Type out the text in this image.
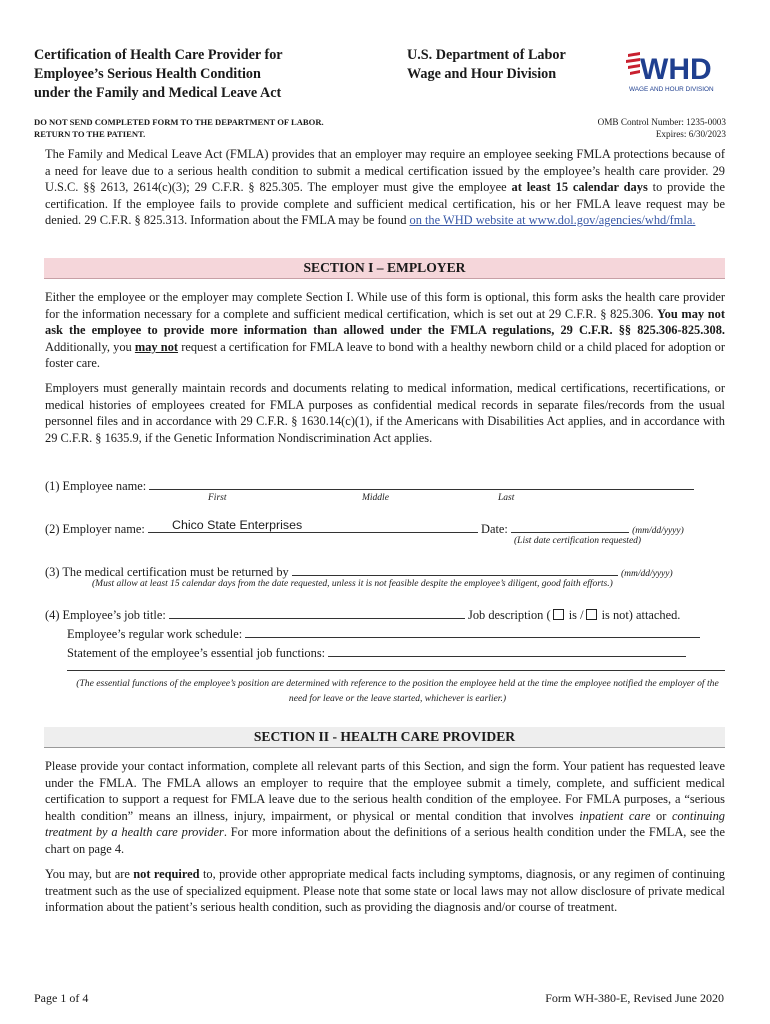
Certification of Health Care Provider for
Employee’s Serious Health Condition
under the Family and Medical Leave Act
U.S. Department of Labor
Wage and Hour Division	WHD ★
WAGE AND HOUR DIVISION
DO NOT SEND COMPLETED FORM TO THE DEPARTMENT OF LABOR.
RETURN TO THE PATIENT.
OMB Control Number: 1235-0003
Expires: 6/30/2023
The Family and Medical Leave Act (FMLA) provides that an employer may require an employee seeking FMLA protections because of a need for leave due to a serious health condition to submit a medical certification issued by the employee’s health care provider. 29 U.S.C. §§ 2613, 2614(c)(3); 29 C.F.R. § 825.305. The employer must give the employee at least 15 calendar days to provide the certification. If the employee fails to provide complete and sufficient medical certification, his or her FMLA leave request may be denied. 29 C.F.R. § 825.313. Information about the FMLA may be found on the WHD website at www.dol.gov/agencies/whd/fmla.
SECTION I – EMPLOYER
Either the employee or the employer may complete Section I. While use of this form is optional, this form asks the health care provider for the information necessary for a complete and sufficient medical certification, which is set out at 29 C.F.R. § 825.306. You may not ask the employee to provide more information than allowed under the FMLA regulations, 29 C.F.R. §§ 825.306-825.308. Additionally, you may not request a certification for FMLA leave to bond with a healthy newborn child or a child placed for adoption or foster care.
Employers must generally maintain records and documents relating to medical information, medical certifications, recertifications, or medical histories of employees created for FMLA purposes as confidential medical records in separate files/records from the usual personnel files and in accordance with 29 C.F.R. § 1630.14(c)(1), if the Americans with Disabilities Act applies, and in accordance with 29 C.F.R. § 1635.9, if the Genetic Information Nondiscrimination Act applies.
(1) Employee name:
First	Middle	Last
(2) Employer name:	Date:	(mm/dd/yyyy)
Chico State Enterprises
(List date certification requested)
(3) The medical certification must be returned by	(mm/dd/yyyy)
(Must allow at least 15 calendar days from the date requested, unless it is not feasible despite the employee’s diligent, good faith efforts.)
(4) Employee’s job title:	Job description ( is / is not) attached.
Employee’s regular work schedule:
Statement of the employee’s essential job functions:
(The essential functions of the employee’s position are determined with reference to the position the employee held at the time the employee notified the employer of the need for leave or the leave started, whichever is earlier.)
SECTION II - HEALTH CARE PROVIDER
Please provide your contact information, complete all relevant parts of this Section, and sign the form. Your patient has requested leave under the FMLA. The FMLA allows an employer to require that the employee submit a timely, complete, and sufficient medical certification to support a request for FMLA leave due to the serious health condition of the employee. For FMLA purposes, a “serious health condition” means an illness, injury, impairment, or physical or mental condition that involves inpatient care or continuing treatment by a health care provider. For more information about the definitions of a serious health condition under the FMLA, see the chart on page 4.
You may, but are not required to, provide other appropriate medical facts including symptoms, diagnosis, or any regimen of continuing treatment such as the use of specialized equipment. Please note that some state or local laws may not allow disclosure of private medical information about the patient’s serious health condition, such as providing the diagnosis and/or course of treatment.
Page 1 of 4	Form WH-380-E, Revised June 2020
